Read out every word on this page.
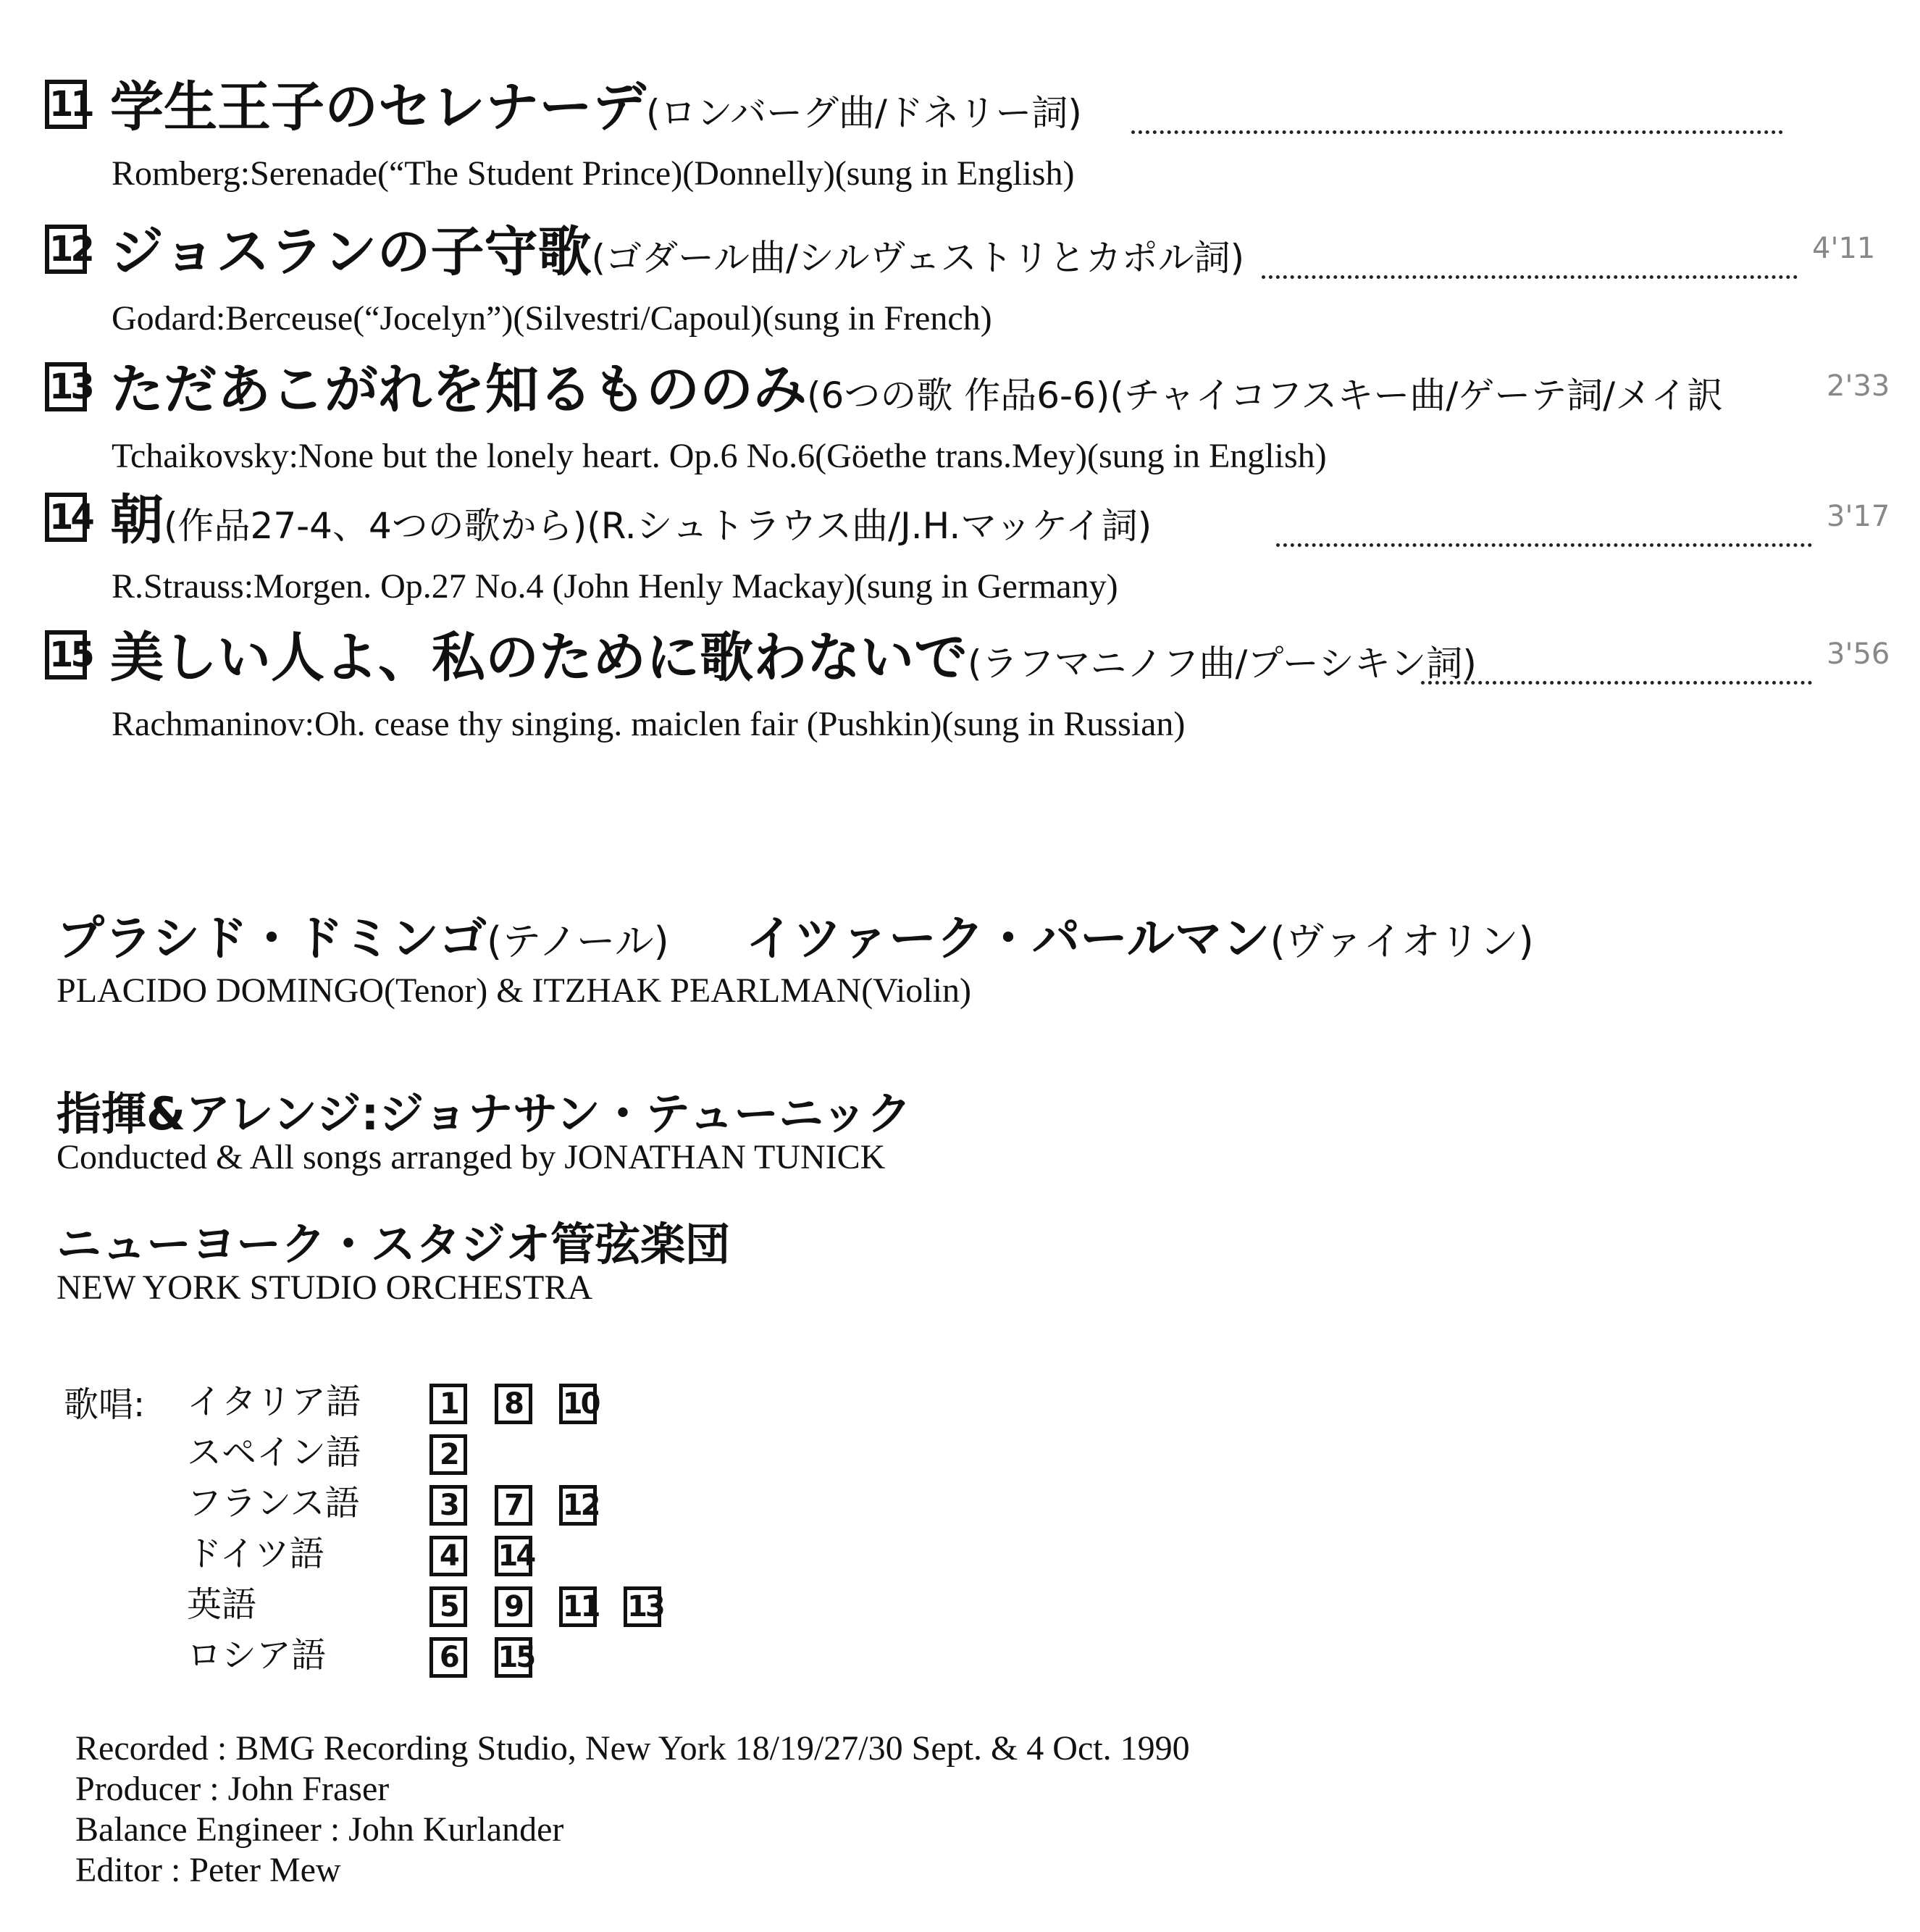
11 学生王子のセレナーデ(ロンバーグ曲/ドネリー詞)
Romberg:Serenade(“The Student Prince)(Donnelly)(sung in English)
12 ジョスランの子守歌(ゴダール曲/シルヴェストリとカポル詞)	4'11
Godard:Berceuse(“Jocelyn”)(Silvestri/Capoul)(sung in French)
13 ただあこがれを知るもののみ(6つの歌 作品6-6)(チャイコフスキー曲/ゲーテ詞/メイ訳	2'33
Tchaikovsky:None but the lonely heart. Op.6 No.6(Göethe trans.Mey)(sung in English)
14 朝(作品27-4、4つの歌から)(R.シュトラウス曲/J.H.マッケイ詞)	3'17
R.Strauss:Morgen. Op.27 No.4 (John Henly Mackay)(sung in Germany)
15 美しい人よ、私のために歌わないで(ラフマニノフ曲/プーシキン詞)	3'56
Rachmaninov:Oh. cease thy singing. maiclen fair (Pushkin)(sung in Russian)
プラシド・ドミンゴ(テノール) イツァーク・パールマン(ヴァイオリン)
PLACIDO DOMINGO(Tenor) & ITZHAK PEARLMAN(Violin)
指揮&アレンジ:ジョナサン・テューニック
Conducted & All songs arranged by JONATHAN TUNICK
ニューヨーク・スタジオ管弦楽団
NEW YORK STUDIO ORCHESTRA
歌唱: イタリア語	1 8 10
スペイン語	2
フランス語	3 7 12
ドイツ語	4 14
英語	5 9 11 13
ロシア語	6 15
Recorded : BMG Recording Studio, New York 18/19/27/30 Sept. & 4 Oct. 1990
Producer : John Fraser
Balance Engineer : John Kurlander
Editor : Peter Mew
